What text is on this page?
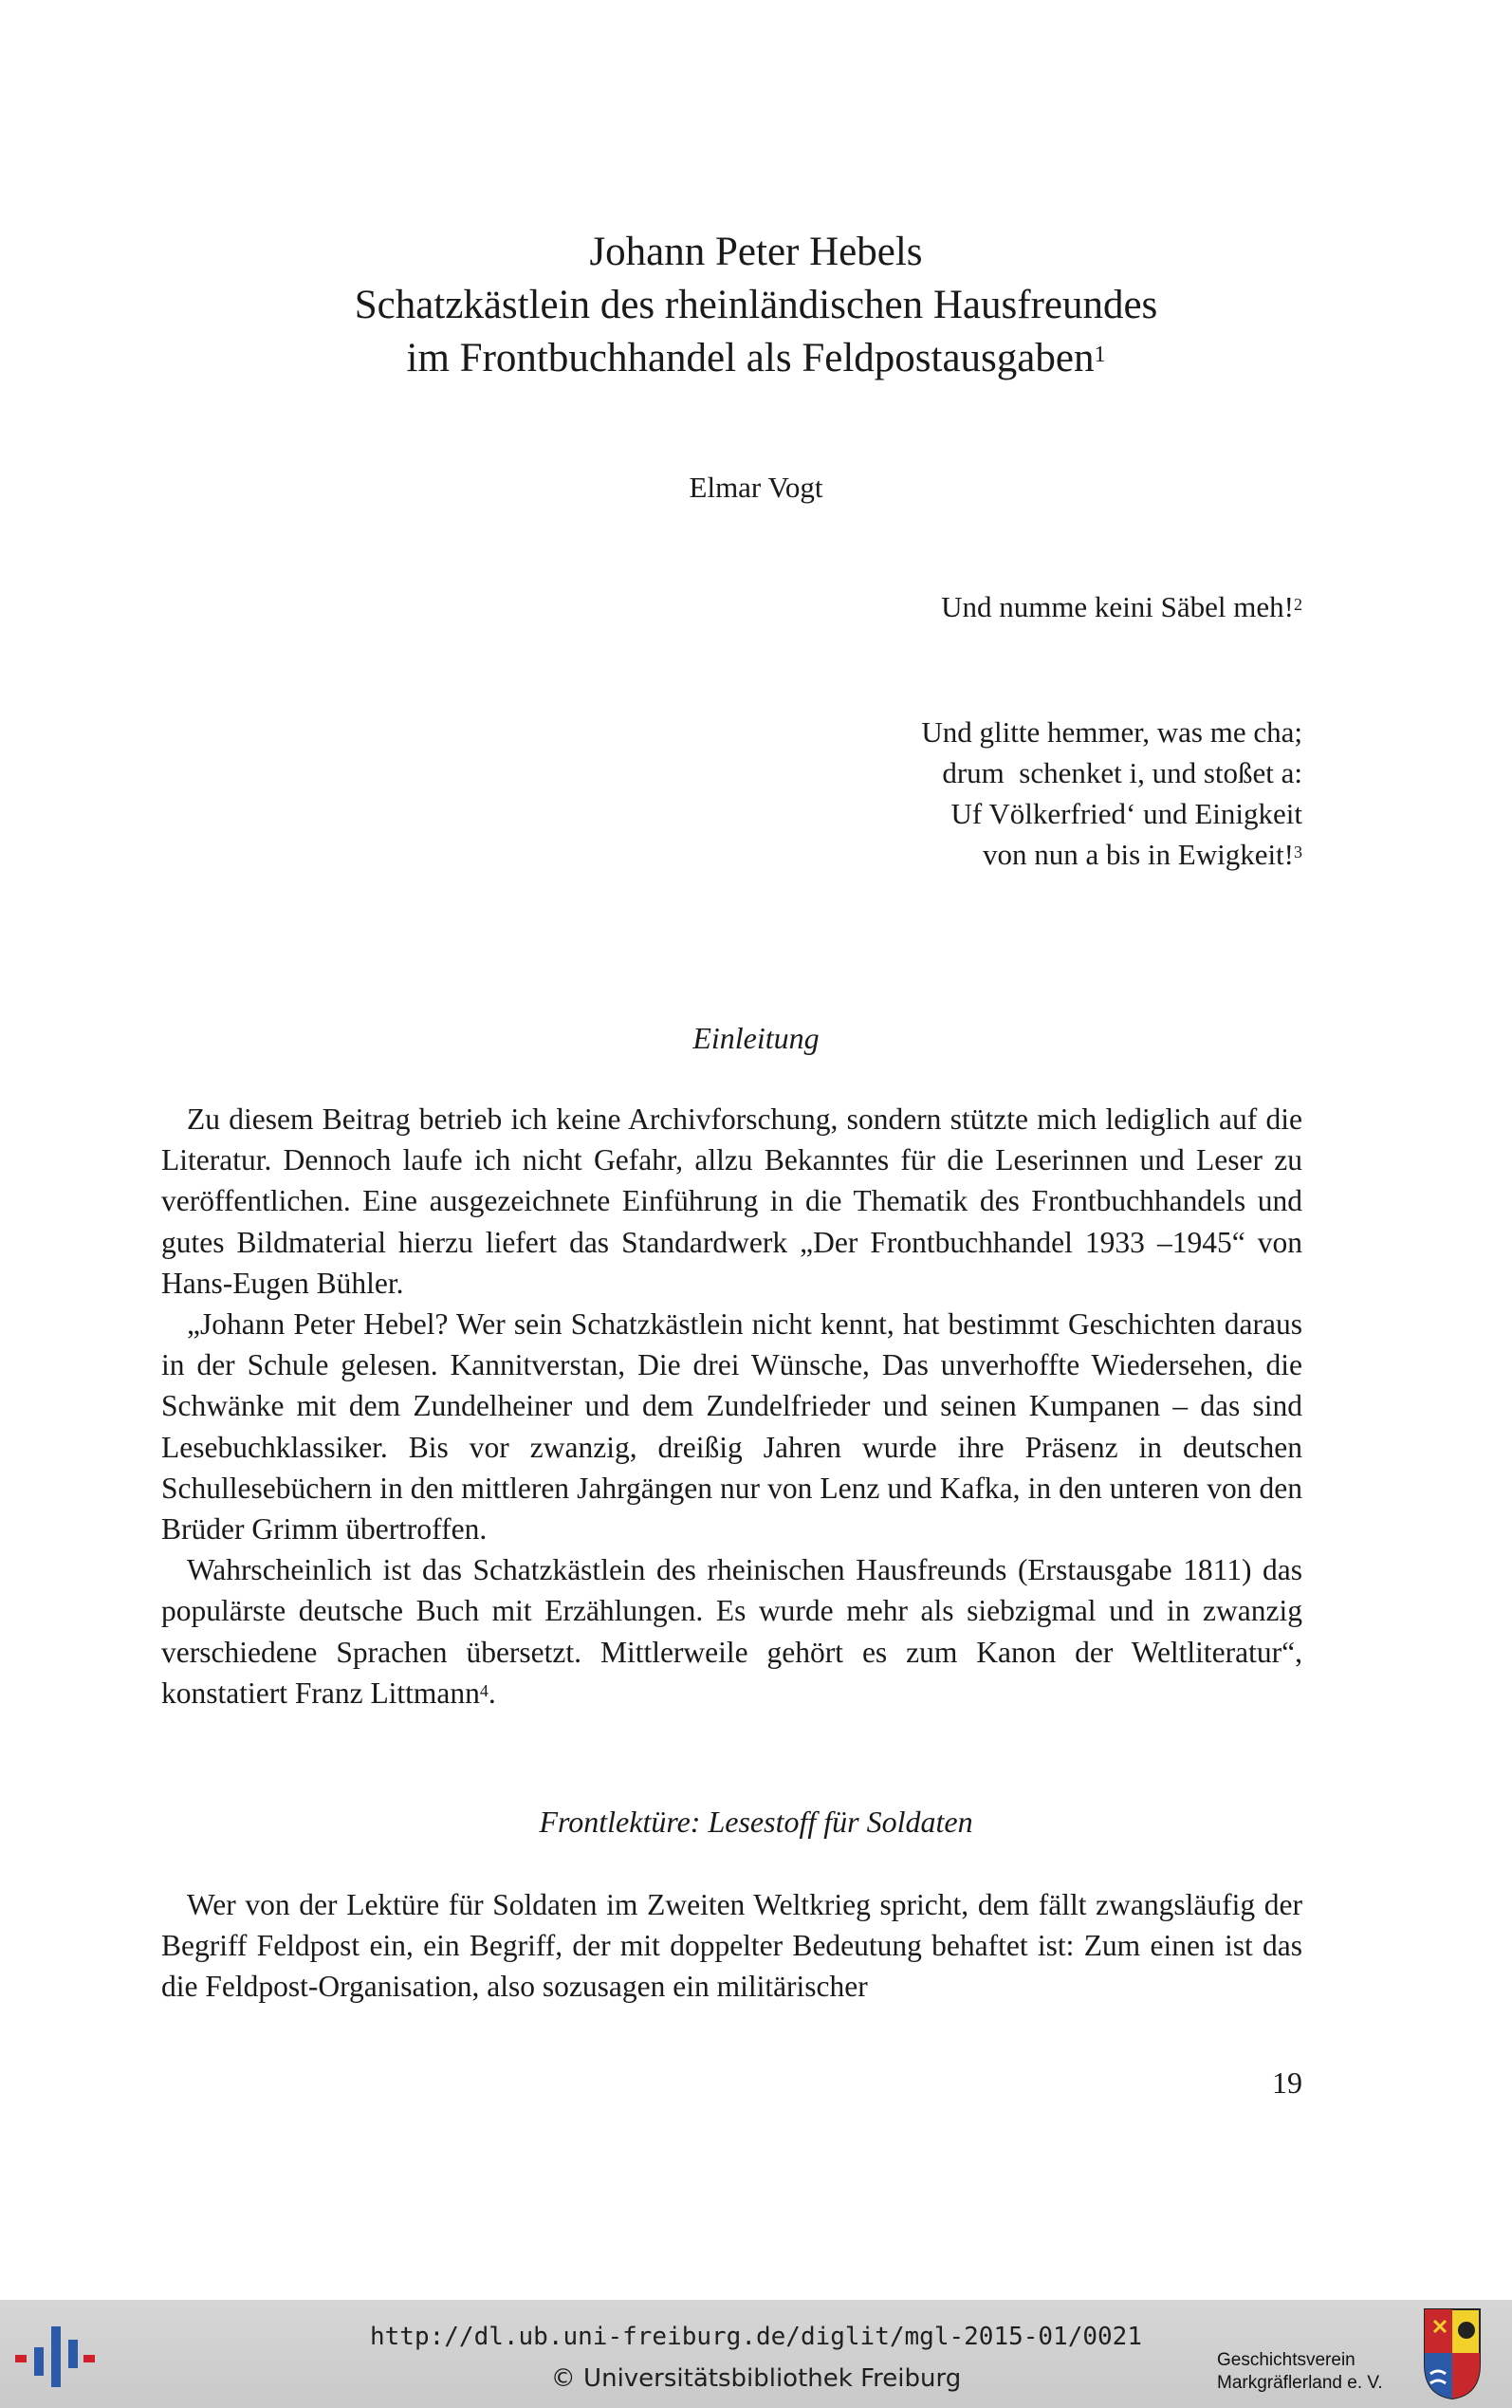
Johann Peter Hebels
Schatzkästlein des rheinländischen Hausfreundes
im Frontbuchhandel als Feldpostausgaben$^1$
Elmar Vogt
Und numme keini Säbel meh!$^2$
Und glitte hemmer, was me cha;
drum  schenket i, und stoßet a:
Uf Völkerfried‘ und Einigkeit
von nun a bis in Ewigkeit!$^3$
Einleitung

Zu diesem Beitrag betrieb ich keine Archivforschung, sondern stützte mich lediglich auf die Literatur. Dennoch laufe ich nicht Gefahr, allzu Bekanntes für die Leserinnen und Leser zu veröffentlichen. Eine ausgezeichnete Einführung in die Thematik des Frontbuchhandels und gutes Bildmaterial hierzu liefert das Standardwerk „Der Frontbuchhandel 1933 –1945“ von Hans-Eugen Bühler.

„Johann Peter Hebel? Wer sein Schatzkästlein nicht kennt, hat bestimmt Geschichten daraus in der Schule gelesen. Kannitverstan, Die drei Wünsche, Das unverhoffte Wiedersehen, die Schwänke mit dem Zundelheiner und dem Zundelfrieder und seinen Kumpanen – das sind Lesebuchklassiker. Bis vor zwanzig, dreißig Jahren wurde ihre Präsenz in deutschen Schullesebüchern in den mittleren Jahrgängen nur von Lenz und Kafka, in den unteren von den Brüder Grimm übertroffen.

Wahrscheinlich ist das Schatzkästlein des rheinischen Hausfreunds (Erstausgabe 1811) das populärste deutsche Buch mit Erzählungen. Es wurde mehr als siebzigmal und in zwanzig verschiedene Sprachen übersetzt. Mittlerweile gehört es zum Kanon der Weltliteratur“, konstatiert Franz Littmann$^4$.

Frontlektüre: Lesestoff für Soldaten

Wer von der Lektüre für Soldaten im Zweiten Weltkrieg spricht, dem fällt zwangsläufig der Begriff Feldpost ein, ein Begriff, der mit doppelter Bedeutung behaftet ist: Zum einen ist das die Feldpost-Organisation, also sozusagen ein militärischer

19
http://dl.ub.uni-freiburg.de/diglit/mgl-2015-01/0021
© Universitätsbibliothek Freiburg
Geschichtsverein
Markgräflerland e. V.
